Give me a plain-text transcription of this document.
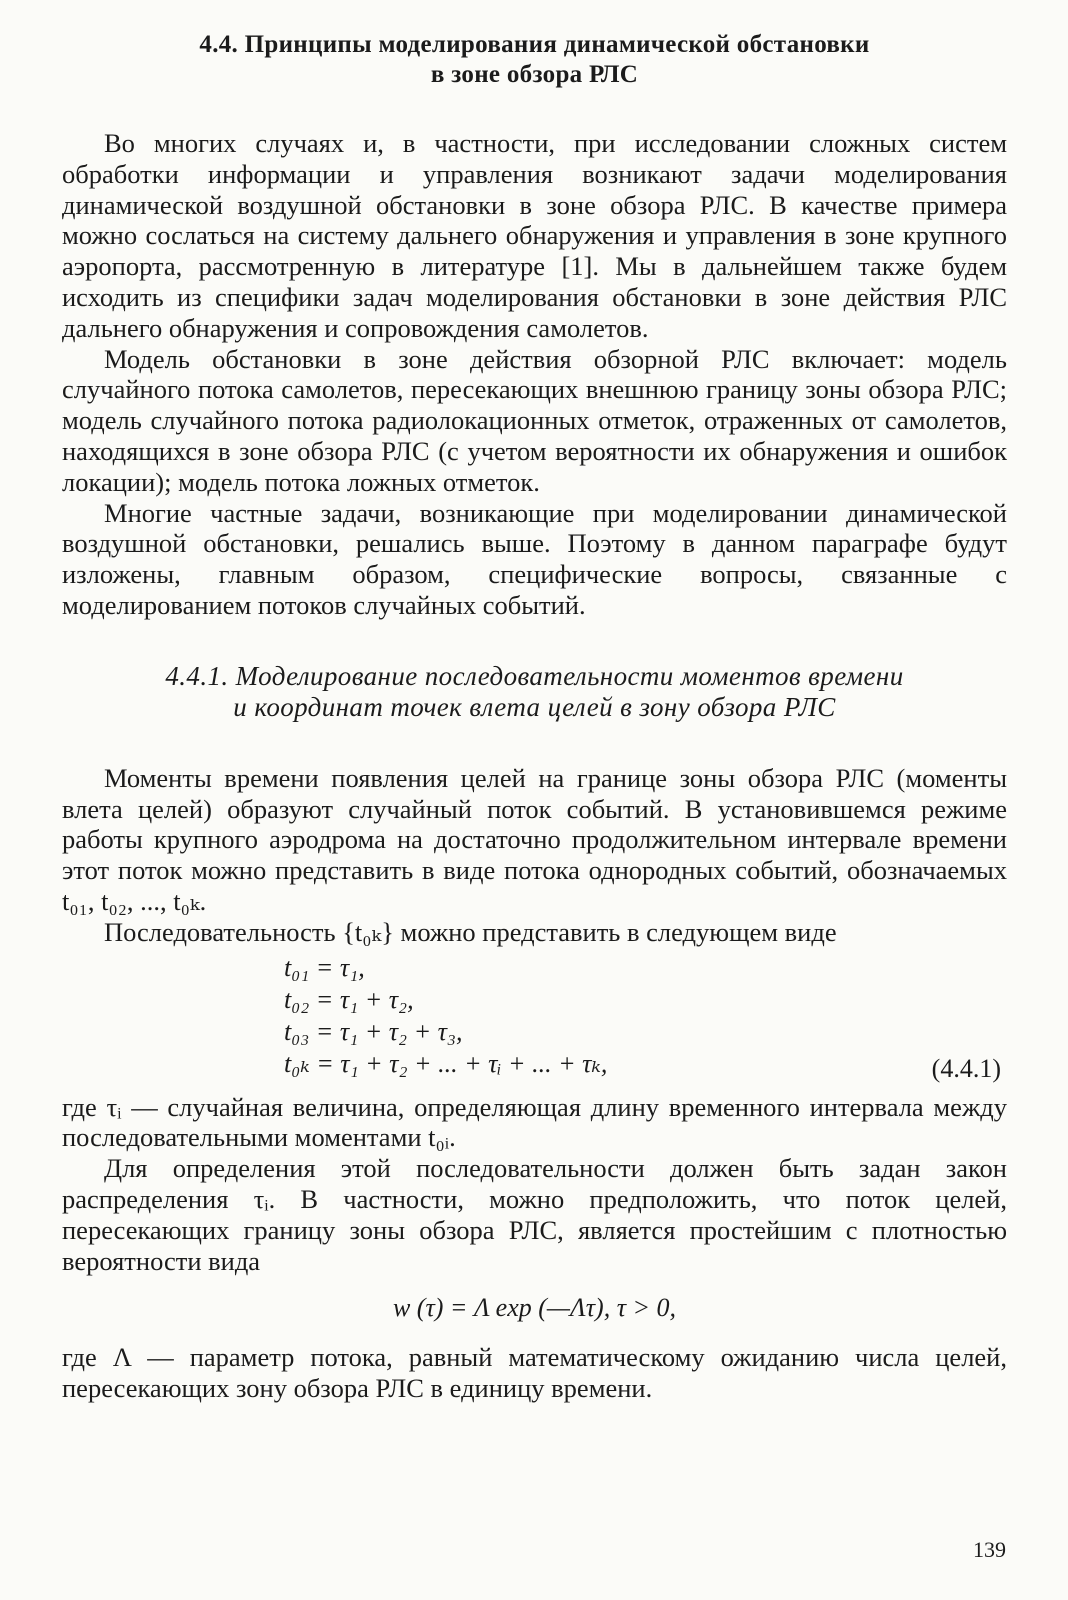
4.4. Принципы моделирования динамической обстановки
в зоне обзора РЛС

Во многих случаях и, в частности, при исследовании сложных систем обработки информации и управления возникают задачи моделирования динамической воздушной обстановки в зоне обзора РЛС. В качестве примера можно сослаться на систему дальнего обнаружения и управления в зоне крупного аэропорта, рассмотренную в литературе [1]. Мы в дальнейшем также будем исходить из специфики задач моделирования обстановки в зоне действия РЛС дальнего обнаружения и сопровождения самолетов.

Модель обстановки в зоне действия обзорной РЛС включает: модель случайного потока самолетов, пересекающих внешнюю границу зоны обзора РЛС; модель случайного потока радиолокационных отметок, отраженных от самолетов, находящихся в зоне обзора РЛС (с учетом вероятности их обнаружения и ошибок локации); модель потока ложных отметок.

Многие частные задачи, возникающие при моделировании динамической воздушной обстановки, решались выше. Поэтому в данном параграфе будут изложены, главным образом, специфические вопросы, связанные с моделированием потоков случайных событий.

4.4.1. Моделирование последовательности моментов времени
и координат точек влета целей в зону обзора РЛС

Моменты времени появления целей на границе зоны обзора РЛС (моменты влета целей) образуют случайный поток событий. В установившемся режиме работы крупного аэродрома на достаточно продолжительном интервале времени этот поток можно представить в виде потока однородных событий, обозначаемых t₀₁, t₀₂, ..., t₀ₖ.

Последовательность {t₀ₖ} можно представить в следующем виде

t₀₁ = τ₁,
t₀₂ = τ₁ + τ₂,
t₀₃ = τ₁ + τ₂ + τ₃,
t₀ₖ = τ₁ + τ₂ + ... + τᵢ + ... + τₖ,	(4.4.1)

где τᵢ — случайная величина, определяющая длину временного интервала между последовательными моментами t₀ᵢ.

Для определения этой последовательности должен быть задан закон распределения τᵢ. В частности, можно предположить, что поток целей, пересекающих границу зоны обзора РЛС, является простейшим с плотностью вероятности вида

w (τ) = Λ exp (—Λτ), τ > 0,

где Λ — параметр потока, равный математическому ожиданию числа целей, пересекающих зону обзора РЛС в единицу времени.

139
